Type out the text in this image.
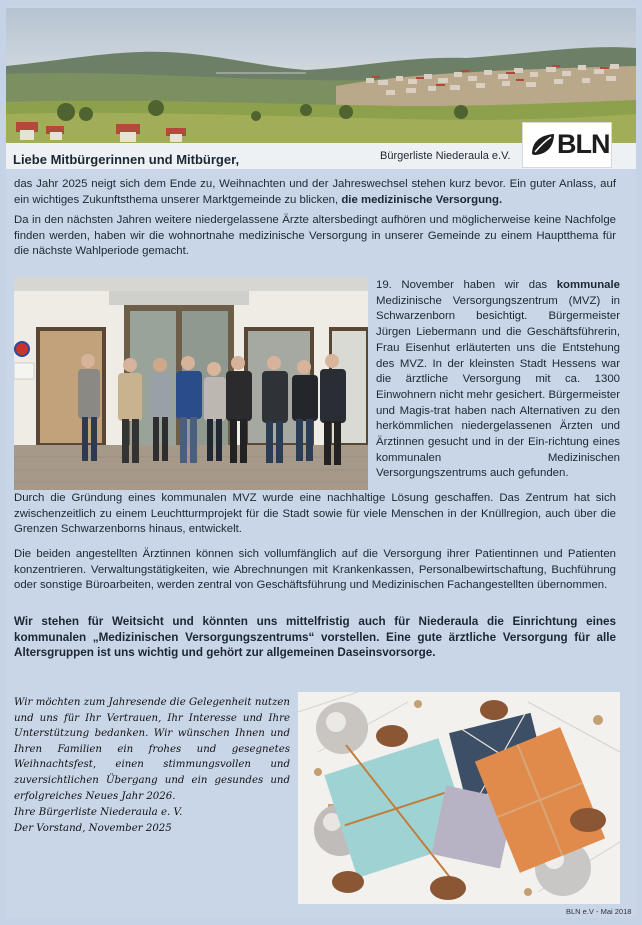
Liebe Mitbürgerinnen und Mitbürger,	Bürgerliste Niederaula e.V. BLN

das Jahr 2025 neigt sich dem Ende zu, Weihnachten und der Jahreswechsel stehen kurz bevor. Ein guter Anlass, auf ein wichtiges Zukunftsthema unserer Marktgemeinde zu blicken, die medizinische Versorgung.

Da in den nächsten Jahren weitere niedergelassene Ärzte altersbedingt aufhören und möglicherweise keine Nachfolge finden werden, haben wir die wohnortnahe medizinische Versorgung in unserer Gemeinde zu einem Hauptthema für die nächste Wahlperiode gemacht.

19. November haben wir das kommunale Medizinische Versorgungszentrum (MVZ) in Schwarzenborn besichtigt. Bürgermeister Jürgen Liebermann und die Geschäftsführerin, Frau Eisenhut erläuterten uns die Entstehung des MVZ. In der kleinsten Stadt Hessens war die ärztliche Versorgung mit ca. 1300 Einwohnern nicht mehr gesichert. Bürgermeister und Magis-trat haben nach Alternativen zu den herkömmlichen niedergelassenen Ärzten und Ärztinnen gesucht und in der Ein-richtung eines kommunalen Medizinischen Versorgungszentrums auch gefunden.

Durch die Gründung eines kommunalen MVZ wurde eine nachhaltige Lösung geschaffen. Das Zentrum hat sich zwischenzeitlich zu einem Leuchtturmprojekt für die Stadt sowie für viele Menschen in der Knüllregion, auch über die Grenzen Schwarzenborns hinaus, entwickelt.

Die beiden angestellten Ärztinnen können sich vollumfänglich auf die Versorgung ihrer Patientinnen und Patienten konzentrieren. Verwaltungstätigkeiten, wie Abrechnungen mit Krankenkassen, Personalbewirtschaftung, Buchführung oder sonstige Büroarbeiten, werden zentral von Geschäftsführung und Medizinischen Fachangestellten übernommen.

Wir stehen für Weitsicht und könnten uns mittelfristig auch für Niederaula die Einrichtung eines kommunalen „Medizinischen Versorgungszentrums“ vorstellen. Eine gute ärztliche Versorgung für alle Altersgruppen ist uns wichtig und gehört zur allgemeinen Daseinsvorsorge.

Wir möchten zum Jahresende die Gelegenheit nutzen und uns für Ihr Vertrauen, Ihr Interesse und Ihre Unterstützung bedanken. Wir wünschen Ihnen und Ihren Familien ein frohes und gesegnetes Weihnachtsfest, einen stimmungsvollen und zuversichtlichen Übergang und ein gesundes und erfolgreiches Neues Jahr 2026.

Ihre Bürgerliste Niederaula e. V.
Der Vorstand, November 2025
BLN e.V - Mai 2018
